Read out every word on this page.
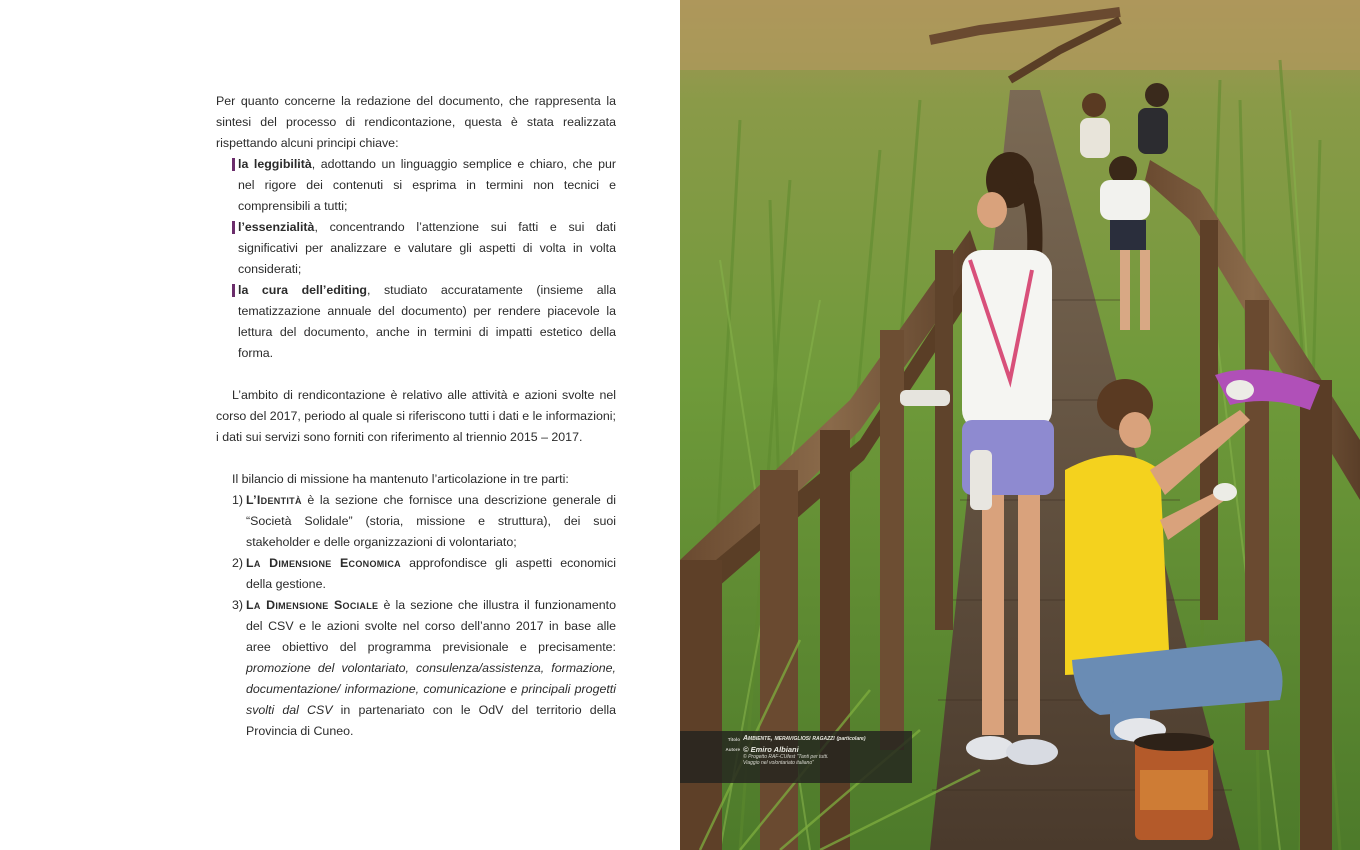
Per quanto concerne la redazione del documento, che rappresenta la sintesi del processo di rendicontazione, questa è stata realizzata rispettando alcuni principi chiave:

la leggibilità, adottando un linguaggio semplice e chiaro, che pur nel rigore dei contenuti si esprima in termini non tecnici e comprensibili a tutti;
l’essenzialità, concentrando l’attenzione sui fatti e sui dati significativi per analizzare e valutare gli aspetti di volta in volta considerati;
la cura dell’editing, studiato accuratamente (insieme alla tematizzazione annuale del documento) per rendere piacevole la lettura del documento, anche in termini di impatti estetico della forma.

L’ambito di rendicontazione è relativo alle attività e azioni svolte nel corso del 2017, periodo al quale si riferiscono tutti i dati e le informazioni; i dati sui servizi sono forniti con riferimento al triennio 2015 – 2017.

Il bilancio di missione ha mantenuto l’articolazione in tre parti:

1) L’Identità è la sezione che fornisce una descrizione generale di “Società Solidale” (storia, missione e struttura), dei suoi stakeholder e delle organizzazioni di volontariato;
2) La Dimensione Economica approfondisce gli aspetti economici della gestione.
3) La Dimensione Sociale è la sezione che illustra il funzionamento del CSV e le azioni svolte nel corso dell’anno 2017 in base alle aree obiettivo del programma previsionale e precisamente: promozione del volontariato, consulenza/assistenza, formazione, documentazione/ informazione, comunicazione e principali progetti svolti dal CSV in partenariato con le OdV del territorio della Provincia di Cuneo.
Titolo Ambiente, meravigliosi ragazzi (particolare)
Autore © Emiro Albiani
© Progetto RAF-CUfest “Tanti per tutti.
Viaggio nel volontariato italiano”
